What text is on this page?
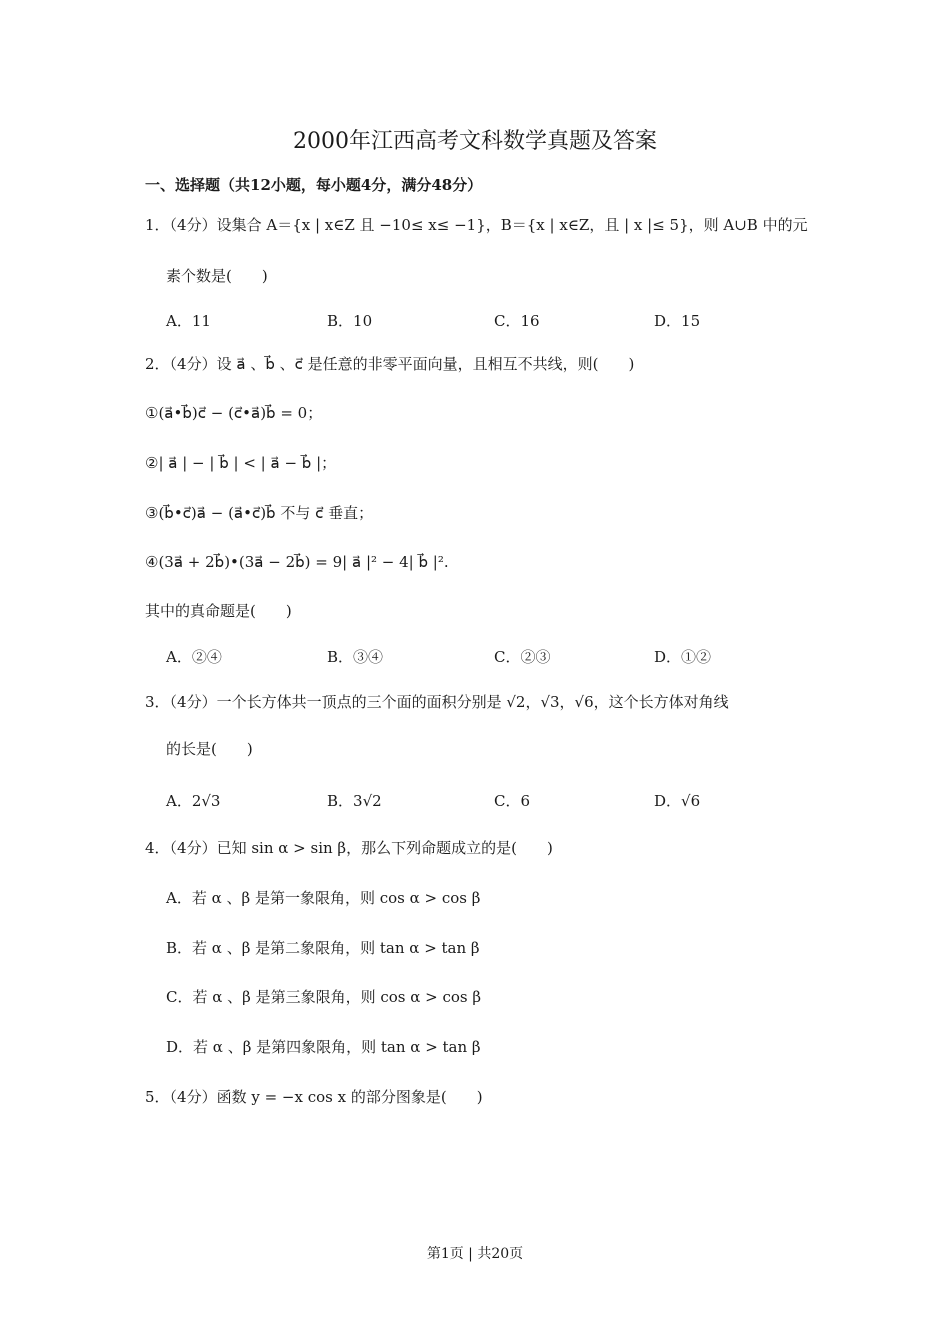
2000年江西高考文科数学真题及答案
一、选择题（共12小题，每小题4分，满分48分）
1．（4分）设集合 A＝{x | x∈Z 且 −10≤ x≤ −1}，B＝{x | x∈Z，且 | x |≤ 5}，则 A∪B 中的元
素个数是(　　)
A．11	B．10	C．16	D．15
2．（4分）设 a⃗ 、b⃗ 、c⃗ 是任意的非零平面向量，且相互不共线，则(　　)
①(a⃗•b⃗)c⃗ − (c⃗•a⃗)b⃗ = 0；
②| a⃗ | − | b⃗ | < | a⃗ − b⃗ |；
③(b⃗•c⃗)a⃗ − (a⃗•c⃗)b⃗ 不与 c⃗ 垂直；
④(3a⃗ + 2b⃗)•(3a⃗ − 2b⃗) = 9| a⃗ |² − 4| b⃗ |².
其中的真命题是(　　)
A．②④	B．③④	C．②③	D．①②
3．（4分）一个长方体共一顶点的三个面的面积分别是 √2，√3，√6，这个长方体对角线
的长是(　　)
A．2√3	B．3√2	C．6	D．√6
4．（4分）已知 sin α > sin β，那么下列命题成立的是(　　)
A．若 α 、β 是第一象限角，则 cos α > cos β
B．若 α 、β 是第二象限角，则 tan α > tan β
C．若 α 、β 是第三象限角，则 cos α > cos β
D．若 α 、β 是第四象限角，则 tan α > tan β
5．（4分）函数 y = −x cos x 的部分图象是(　　)
第1页 | 共20页
